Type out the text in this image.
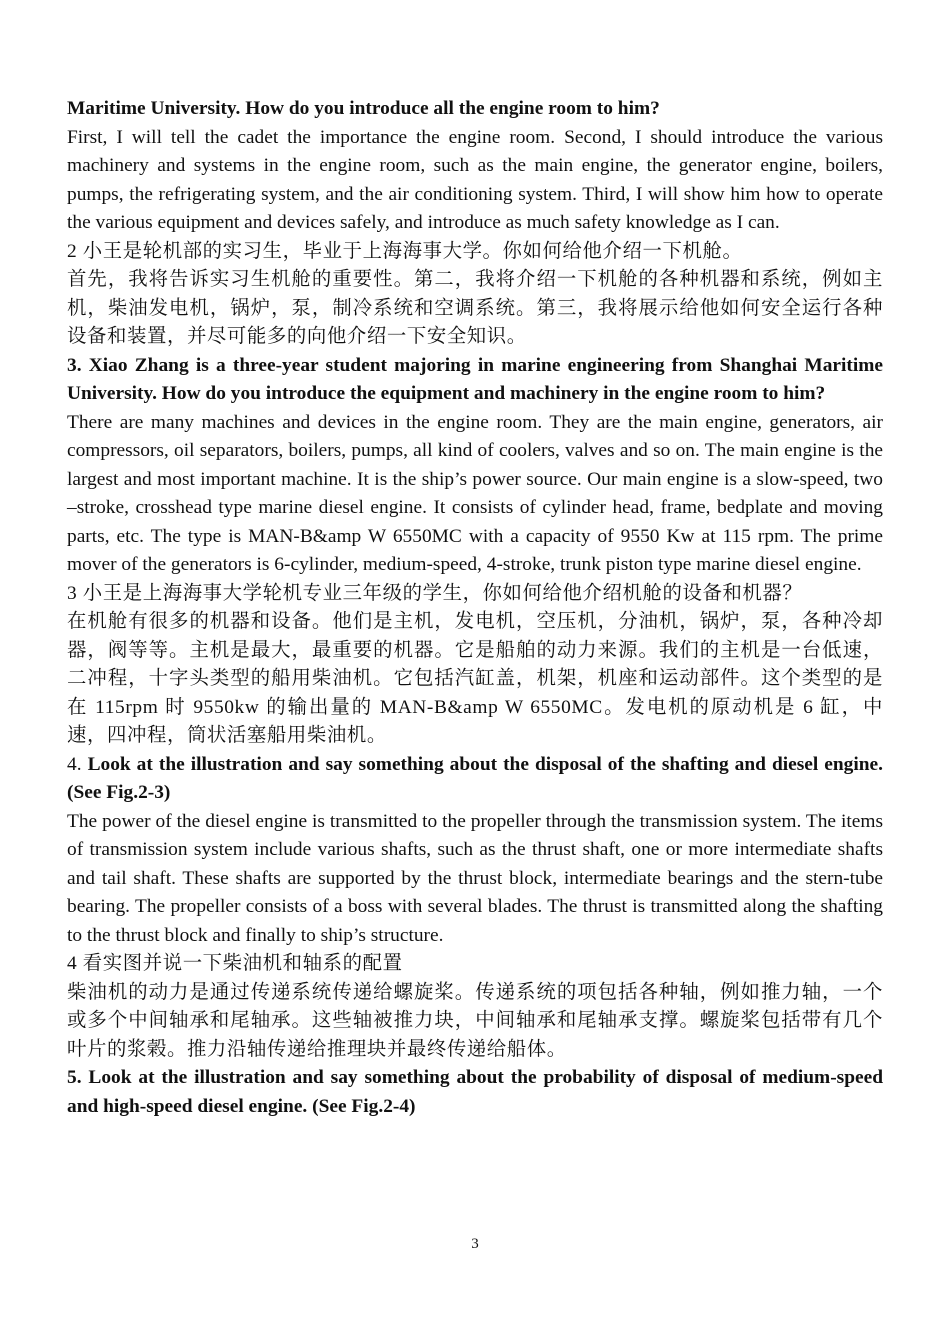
Maritime University. How do you introduce all the engine room to him?

First, I will tell the cadet the importance the engine room. Second, I should introduce the various machinery and systems in the engine room, such as the main engine, the generator engine, boilers, pumps, the refrigerating system, and the air conditioning system. Third, I will show him how to operate the various equipment and devices safely, and introduce as much safety knowledge as I can.

2 小王是轮机部的实习生，毕业于上海海事大学。你如何给他介绍一下机舱。

首先，我将告诉实习生机舱的重要性。第二，我将介绍一下机舱的各种机器和系统，例如主机，柴油发电机，锅炉，泵，制冷系统和空调系统。第三，我将展示给他如何安全运行各种设备和装置，并尽可能多的向他介绍一下安全知识。

3. Xiao Zhang is a three-year student majoring in marine engineering from Shanghai Maritime University. How do you introduce the equipment and machinery in the engine room to him?

There are many machines and devices in the engine room. They are the main engine, generators, air compressors, oil separators, boilers, pumps, all kind of coolers, valves and so on. The main engine is the largest and most important machine. It is the ship’s power source. Our main engine is a slow-speed, two –stroke, crosshead type marine diesel engine. It consists of cylinder head, frame, bedplate and moving parts, etc. The type is MAN-B&amp W 6550MC with a capacity of 9550 Kw at 115 rpm. The prime mover of the generators is 6-cylinder, medium-speed, 4-stroke, trunk piston type marine diesel engine.

3 小王是上海海事大学轮机专业三年级的学生，你如何给他介绍机舱的设备和机器？

在机舱有很多的机器和设备。他们是主机，发电机，空压机，分油机，锅炉，泵，各种冷却器，阀等等。主机是最大，最重要的机器。它是船舶的动力来源。我们的主机是一台低速，二冲程，十字头类型的船用柴油机。它包括汽缸盖，机架，机座和运动部件。这个类型的是在 115rpm 时 9550kw 的输出量的 MAN-B&amp W 6550MC。发电机的原动机是 6 缸，中速，四冲程，筒状活塞船用柴油机。

4. Look at the illustration and say something about the disposal of the shafting and diesel engine. (See Fig.2-3)

The power of the diesel engine is transmitted to the propeller through the transmission system. The items of transmission system include various shafts, such as the thrust shaft, one or more intermediate shafts and tail shaft. These shafts are supported by the thrust block, intermediate bearings and the stern-tube bearing. The propeller consists of a boss with several blades. The thrust is transmitted along the shafting to the thrust block and finally to ship’s structure.

4 看实图并说一下柴油机和轴系的配置

柴油机的动力是通过传递系统传递给螺旋桨。传递系统的项包括各种轴，例如推力轴，一个或多个中间轴承和尾轴承。这些轴被推力块，中间轴承和尾轴承支撑。螺旋桨包括带有几个叶片的浆榖。推力沿轴传递给推理块并最终传递给船体。

5. Look at the illustration and say something about the probability of disposal of medium-speed and high-speed diesel engine. (See Fig.2-4)

3
